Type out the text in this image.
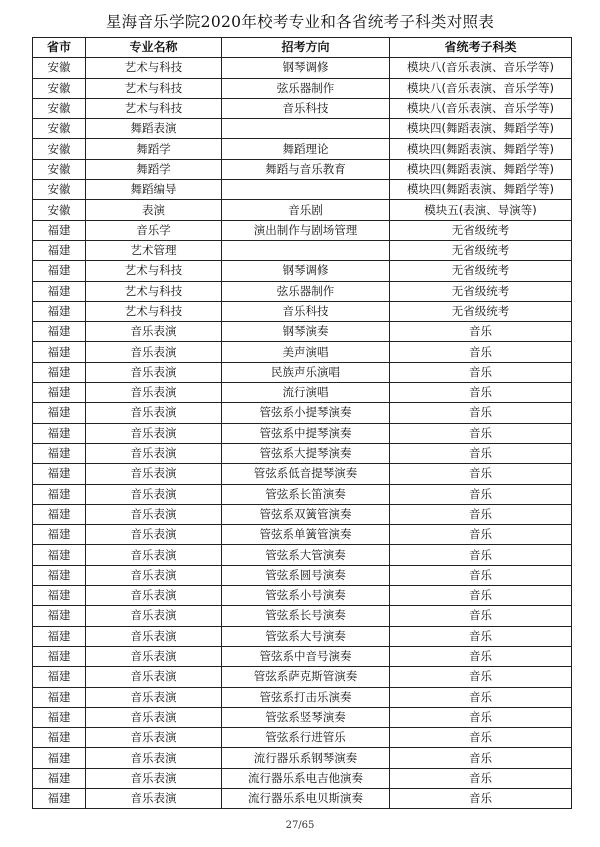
星海音乐学院2020年校考专业和各省统考子科类对照表
省市	专业名称	招考方向	省统考子科类
安徽	艺术与科技	钢琴调修	模块八(音乐表演、音乐学等)
安徽	艺术与科技	弦乐器制作	模块八(音乐表演、音乐学等)
安徽	艺术与科技	音乐科技	模块八(音乐表演、音乐学等)
安徽	舞蹈表演		模块四(舞蹈表演、舞蹈学等)
安徽	舞蹈学	舞蹈理论	模块四(舞蹈表演、舞蹈学等)
安徽	舞蹈学	舞蹈与音乐教育	模块四(舞蹈表演、舞蹈学等)
安徽	舞蹈编导		模块四(舞蹈表演、舞蹈学等)
安徽	表演	音乐剧	模块五(表演、导演等)
福建	音乐学	演出制作与剧场管理	无省级统考
福建	艺术管理		无省级统考
福建	艺术与科技	钢琴调修	无省级统考
福建	艺术与科技	弦乐器制作	无省级统考
福建	艺术与科技	音乐科技	无省级统考
福建	音乐表演	钢琴演奏	音乐
福建	音乐表演	美声演唱	音乐
福建	音乐表演	民族声乐演唱	音乐
福建	音乐表演	流行演唱	音乐
福建	音乐表演	管弦系小提琴演奏	音乐
福建	音乐表演	管弦系中提琴演奏	音乐
福建	音乐表演	管弦系大提琴演奏	音乐
福建	音乐表演	管弦系低音提琴演奏	音乐
福建	音乐表演	管弦系长笛演奏	音乐
福建	音乐表演	管弦系双簧管演奏	音乐
福建	音乐表演	管弦系单簧管演奏	音乐
福建	音乐表演	管弦系大管演奏	音乐
福建	音乐表演	管弦系圆号演奏	音乐
福建	音乐表演	管弦系小号演奏	音乐
福建	音乐表演	管弦系长号演奏	音乐
福建	音乐表演	管弦系大号演奏	音乐
福建	音乐表演	管弦系中音号演奏	音乐
福建	音乐表演	管弦系萨克斯管演奏	音乐
福建	音乐表演	管弦系打击乐演奏	音乐
福建	音乐表演	管弦系竖琴演奏	音乐
福建	音乐表演	管弦系行进管乐	音乐
福建	音乐表演	流行器乐系钢琴演奏	音乐
福建	音乐表演	流行器乐系电吉他演奏	音乐
福建	音乐表演	流行器乐系电贝斯演奏	音乐
27/65
